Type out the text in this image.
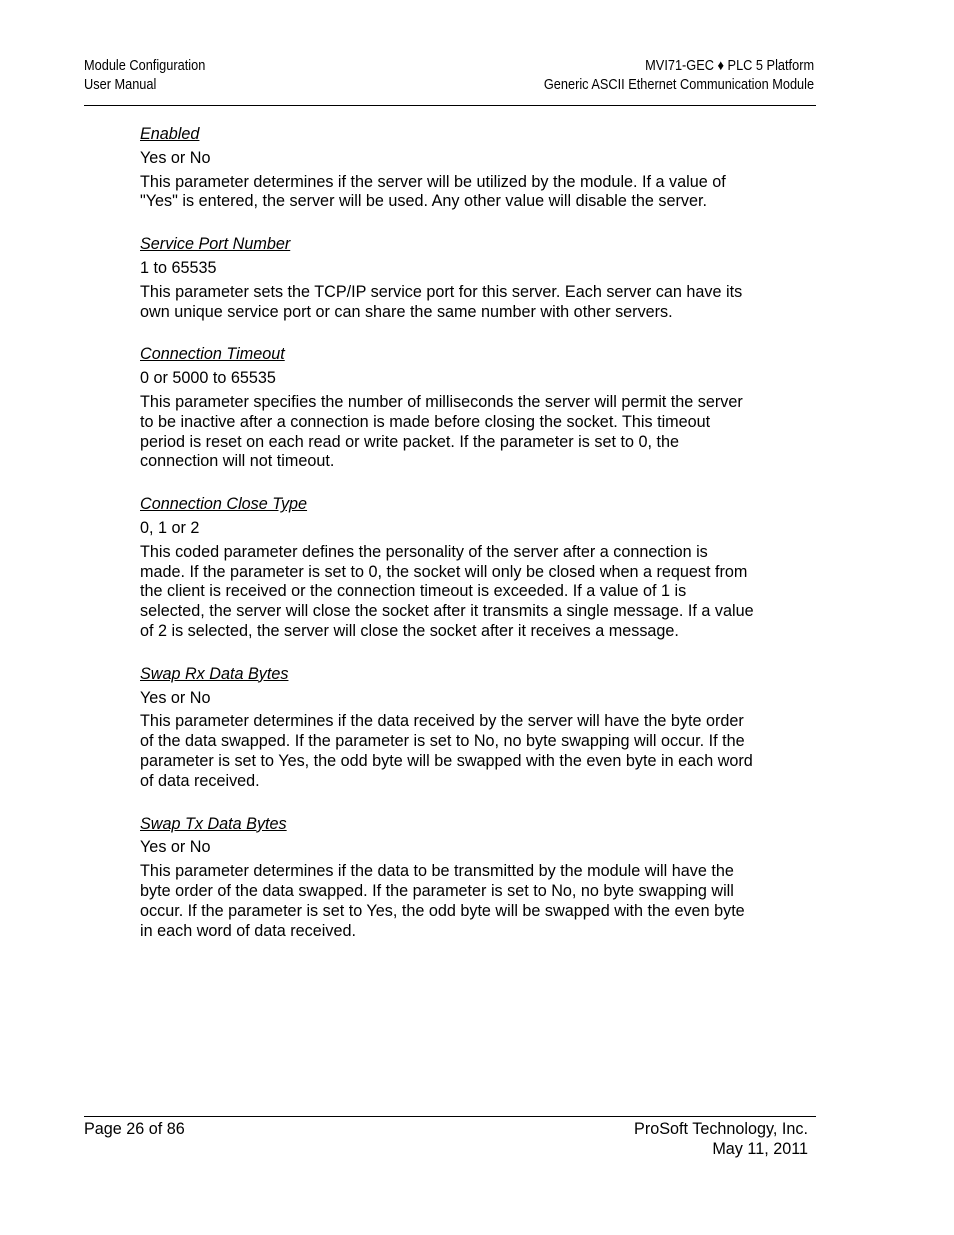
Module Configuration
User Manual
MVI71-GEC ♦ PLC 5 Platform
Generic ASCII Ethernet Communication Module
Enabled
Yes or No
This parameter determines if the server will be utilized by the module. If a value of "Yes" is entered, the server will be used. Any other value will disable the server.
Service Port Number
1 to 65535
This parameter sets the TCP/IP service port for this server. Each server can have its own unique service port or can share the same number with other servers.
Connection Timeout
0 or 5000 to 65535
This parameter specifies the number of milliseconds the server will permit the server to be inactive after a connection is made before closing the socket. This timeout period is reset on each read or write packet. If the parameter is set to 0, the connection will not timeout.
Connection Close Type
0, 1 or 2
This coded parameter defines the personality of the server after a connection is made. If the parameter is set to 0, the socket will only be closed when a request from the client is received or the connection timeout is exceeded. If a value of 1 is selected, the server will close the socket after it transmits a single message. If a value of 2 is selected, the server will close the socket after it receives a message.
Swap Rx Data Bytes
Yes or No
This parameter determines if the data received by the server will have the byte order of the data swapped. If the parameter is set to No, no byte swapping will occur. If the parameter is set to Yes, the odd byte will be swapped with the even byte in each word of data received.
Swap Tx Data Bytes
Yes or No
This parameter determines if the data to be transmitted by the module will have the byte order of the data swapped. If the parameter is set to No, no byte swapping will occur. If the parameter is set to Yes, the odd byte will be swapped with the even byte in each word of data received.
Page 26 of 86	ProSoft Technology, Inc.
May 11, 2011
